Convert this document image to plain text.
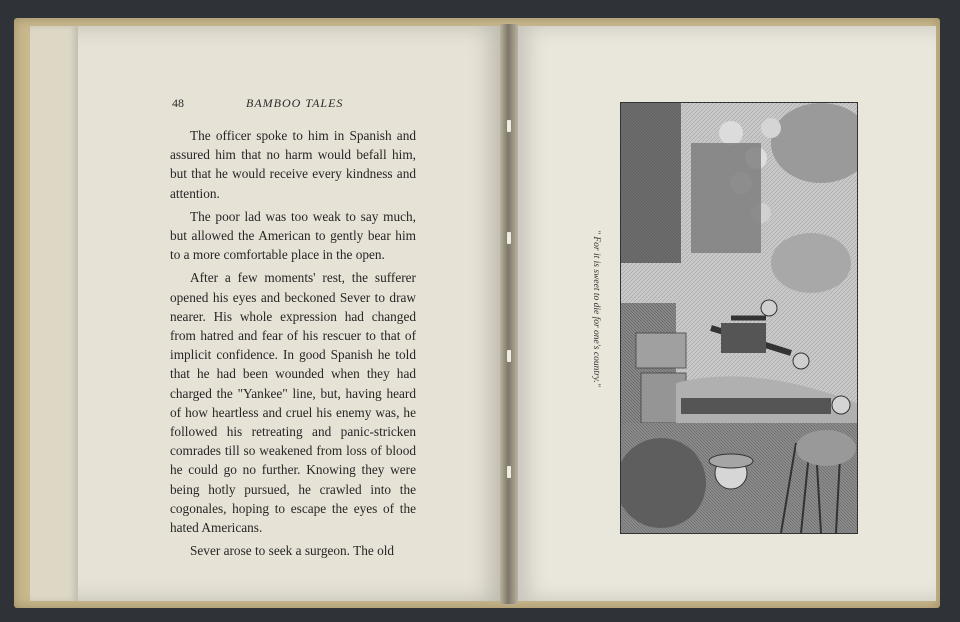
48	BAMBOO TALES

The officer spoke to him in Spanish and assured him that no harm would befall him, but that he would receive every kindness and attention.

The poor lad was too weak to say much, but allowed the American to gently bear him to a more comfortable place in the open.

After a few moments' rest, the sufferer opened his eyes and beckoned Sever to draw nearer. His whole expression had changed from hatred and fear of his rescuer to that of implicit confidence. In good Spanish he told that he had been wounded when they had charged the "Yankee" line, but, having heard of how heartless and cruel his enemy was, he followed his retreating and panic-stricken comrades till so weakened from loss of blood he could go no further. Knowing they were being hotly pursued, he crawled into the cogonales, hoping to escape the eyes of the hated Americans.

Sever arose to seek a surgeon. The old

" For it is sweet to die for one's country."
